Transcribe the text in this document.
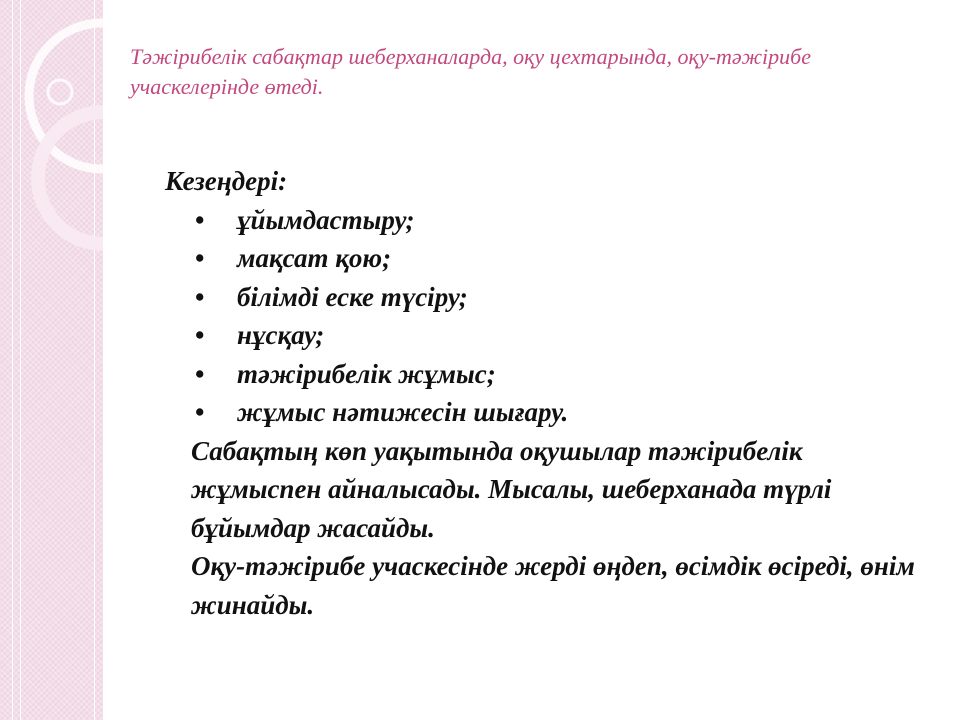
Тәжірибелік сабақтар шеберханаларда, оқу цехтарында, оқу-тәжірибе учаскелерінде өтеді.

Кезеңдері:

• ұйымдастыру;
• мақсат қою;
• білімді еске түсіру;
• нұсқау;
• тәжірибелік жұмыс;
• жұмыс нәтижесін шығару.

Сабақтың көп уақытында оқушылар тәжірибелік жұмыспен айналысады. Мысалы, шеберханада түрлі бұйымдар жасайды.

Оқу-тәжірибе учаскесінде жерді өңдеп, өсімдік өсіреді, өнім жинайды.
